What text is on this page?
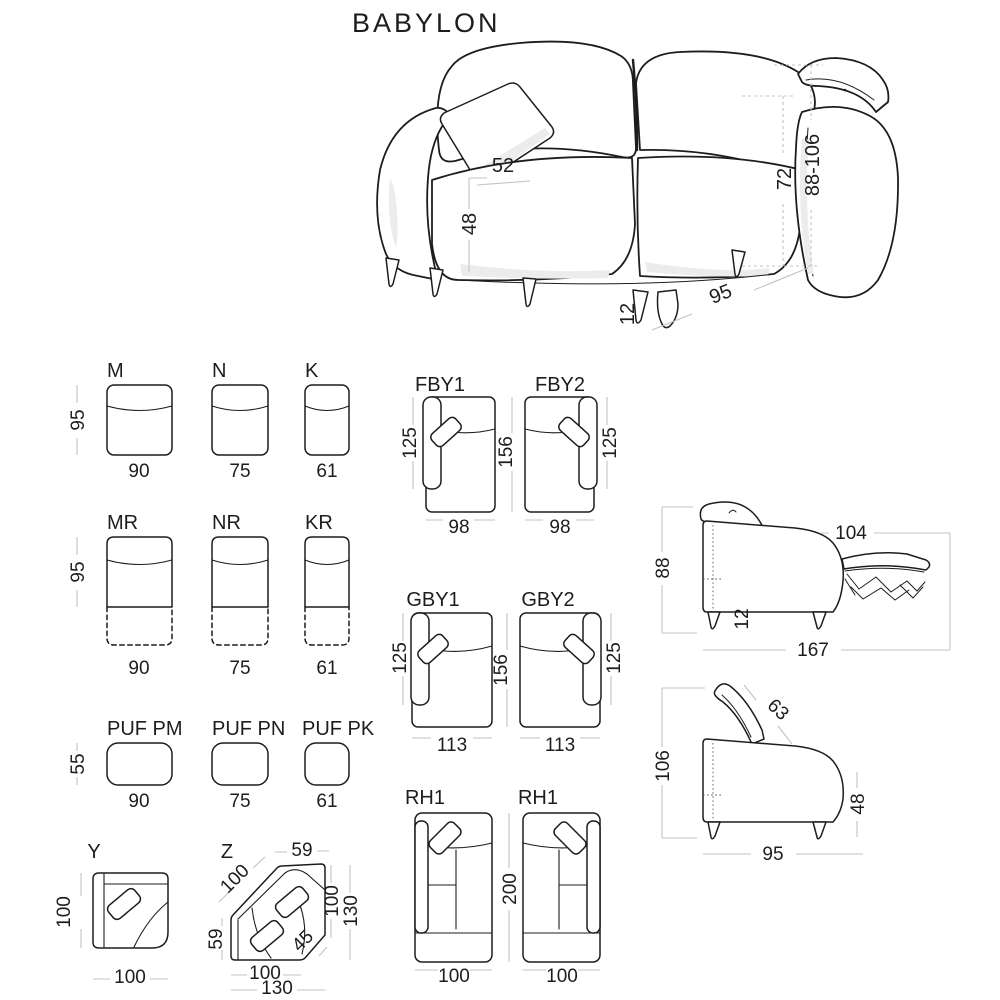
BABYLON
52
48
72 88-106
12
95
95
M
90
N
75
K
61
95
MR
90
NR
75
KR
61
55
PUF PM
90
PUF PN
75
PUF PK
61
Y
100
100
Z	59
100
59
100
130
45
100
130
FBY1
125
98
156
FBY2
125
98
GBY1
125
113
156
GBY2
125
113
RH1
100
200
RH1
100
88
104
12
167
106
63
48
95
